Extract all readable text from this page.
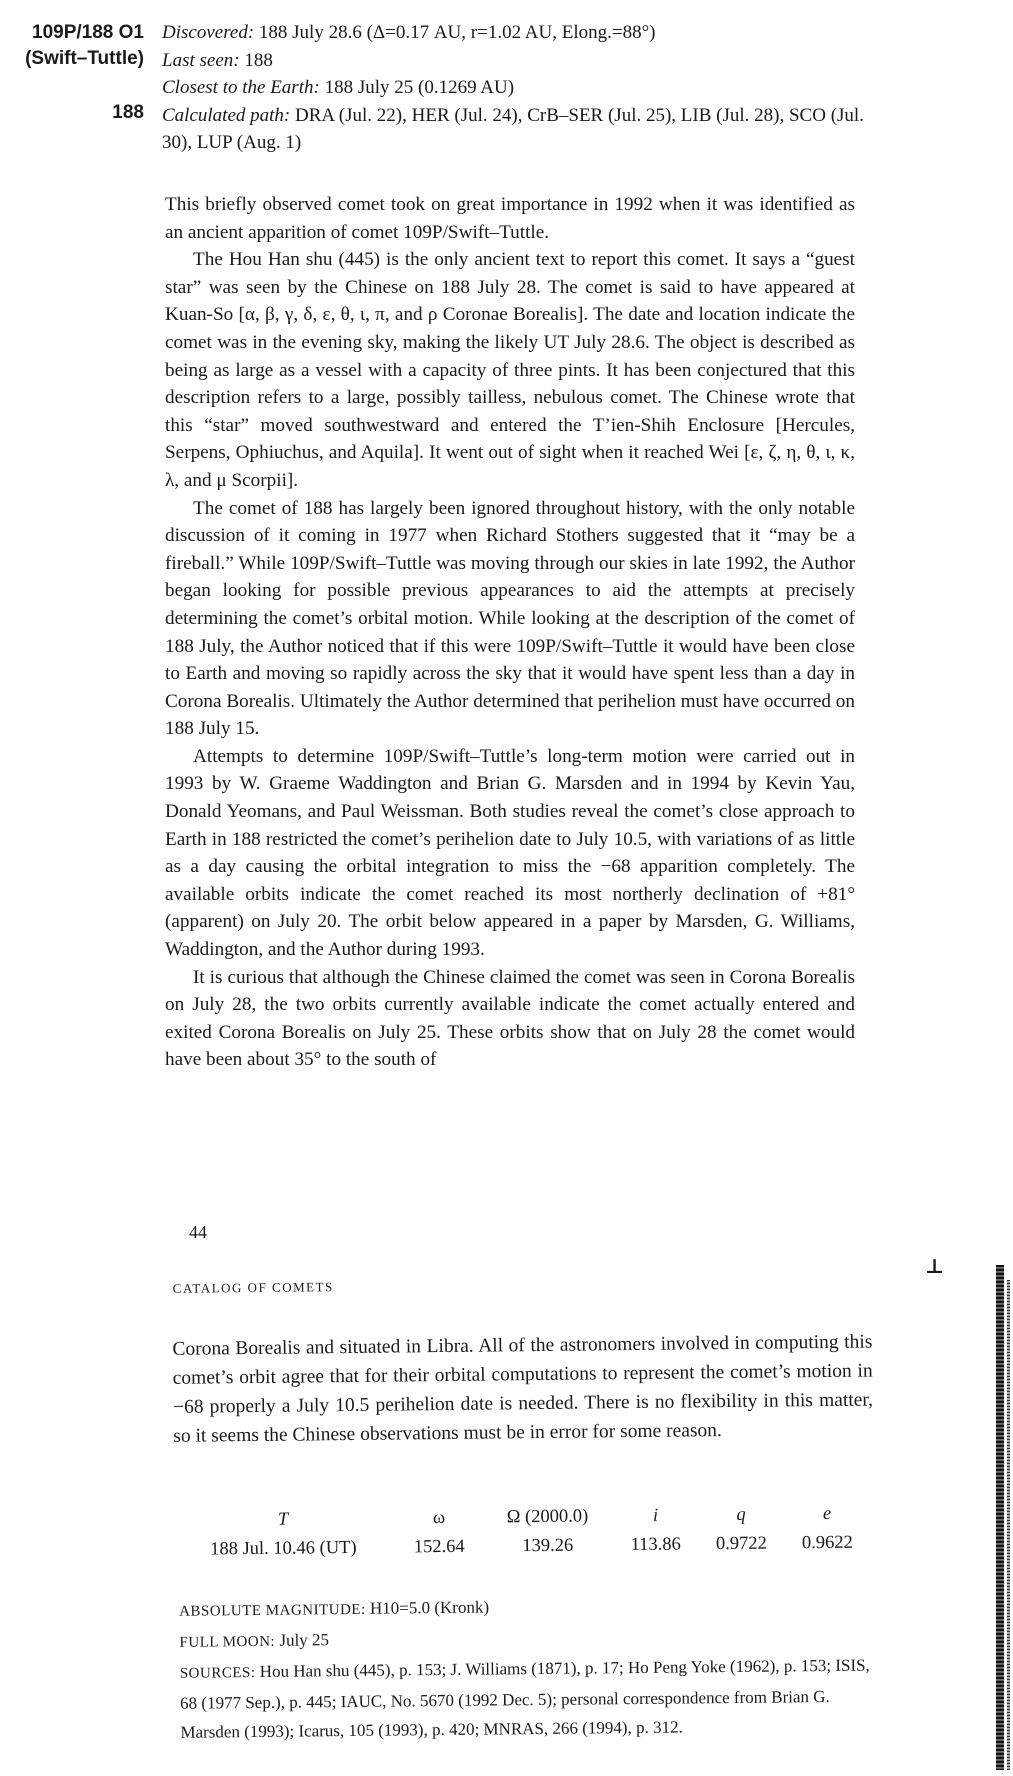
109P/188 O1
(Swift–Tuttle)
188
Discovered: 188 July 28.6 (Δ=0.17 AU, r=1.02 AU, Elong.=88°)
Last seen: 188
Closest to the Earth: 188 July 25 (0.1269 AU)
Calculated path: DRA (Jul. 22), HER (Jul. 24), CrB–SER (Jul. 25), LIB (Jul. 28), SCO (Jul. 30), LUP (Aug. 1)

This briefly observed comet took on great importance in 1992 when it was identified as an ancient apparition of comet 109P/Swift–Tuttle.

The Hou Han shu (445) is the only ancient text to report this comet. It says a “guest star” was seen by the Chinese on 188 July 28. The comet is said to have appeared at Kuan-So [α, β, γ, δ, ε, θ, ι, π, and ρ Coronae Borealis]. The date and location indicate the comet was in the evening sky, making the likely UT July 28.6. The object is described as being as large as a vessel with a capacity of three pints. It has been conjectured that this description refers to a large, possibly tailless, nebulous comet. The Chinese wrote that this “star” moved southwestward and entered the T’ien-Shih Enclosure [Hercules, Serpens, Ophiuchus, and Aquila]. It went out of sight when it reached Wei [ε, ζ, η, θ, ι, κ, λ, and μ Scorpii].

The comet of 188 has largely been ignored throughout history, with the only notable discussion of it coming in 1977 when Richard Stothers suggested that it “may be a fireball.” While 109P/Swift–Tuttle was moving through our skies in late 1992, the Author began looking for possible previous appearances to aid the attempts at precisely determining the comet’s orbital motion. While looking at the description of the comet of 188 July, the Author noticed that if this were 109P/Swift–Tuttle it would have been close to Earth and moving so rapidly across the sky that it would have spent less than a day in Corona Borealis. Ultimately the Author determined that perihelion must have occurred on 188 July 15.

Attempts to determine 109P/Swift–Tuttle’s long-term motion were carried out in 1993 by W. Graeme Waddington and Brian G. Marsden and in 1994 by Kevin Yau, Donald Yeomans, and Paul Weissman. Both studies reveal the comet’s close approach to Earth in 188 restricted the comet’s perihelion date to July 10.5, with variations of as little as a day causing the orbital integration to miss the −68 apparition completely. The available orbits indicate the comet reached its most northerly declination of +81° (apparent) on July 20. The orbit below appeared in a paper by Marsden, G. Williams, Waddington, and the Author during 1993.

It is curious that although the Chinese claimed the comet was seen in Corona Borealis on July 28, the two orbits currently available indicate the comet actually entered and exited Corona Borealis on July 25. These orbits show that on July 28 the comet would have been about 35° to the south of

44
⊥
CATALOG OF COMETS

Corona Borealis and situated in Libra. All of the astronomers involved in computing this comet’s orbit agree that for their orbital computations to represent the comet’s motion in −68 properly a July 10.5 perihelion date is needed. There is no flexibility in this matter, so it seems the Chinese observations must be in error for some reason.

T	ω	Ω (2000.0)	i	q	e
188 Jul. 10.46 (UT)	152.64	139.26	113.86	0.9722	0.9622

ABSOLUTE MAGNITUDE: H10=5.0 (Kronk)

FULL MOON: July 25

SOURCES: Hou Han shu (445), p. 153; J. Williams (1871), p. 17; Ho Peng Yoke (1962), p. 153; ISIS, 68 (1977 Sep.), p. 445; IAUC, No. 5670 (1992 Dec. 5); personal correspondence from Brian G. Marsden (1993); Icarus, 105 (1993), p. 420; MNRAS, 266 (1994), p. 312.
